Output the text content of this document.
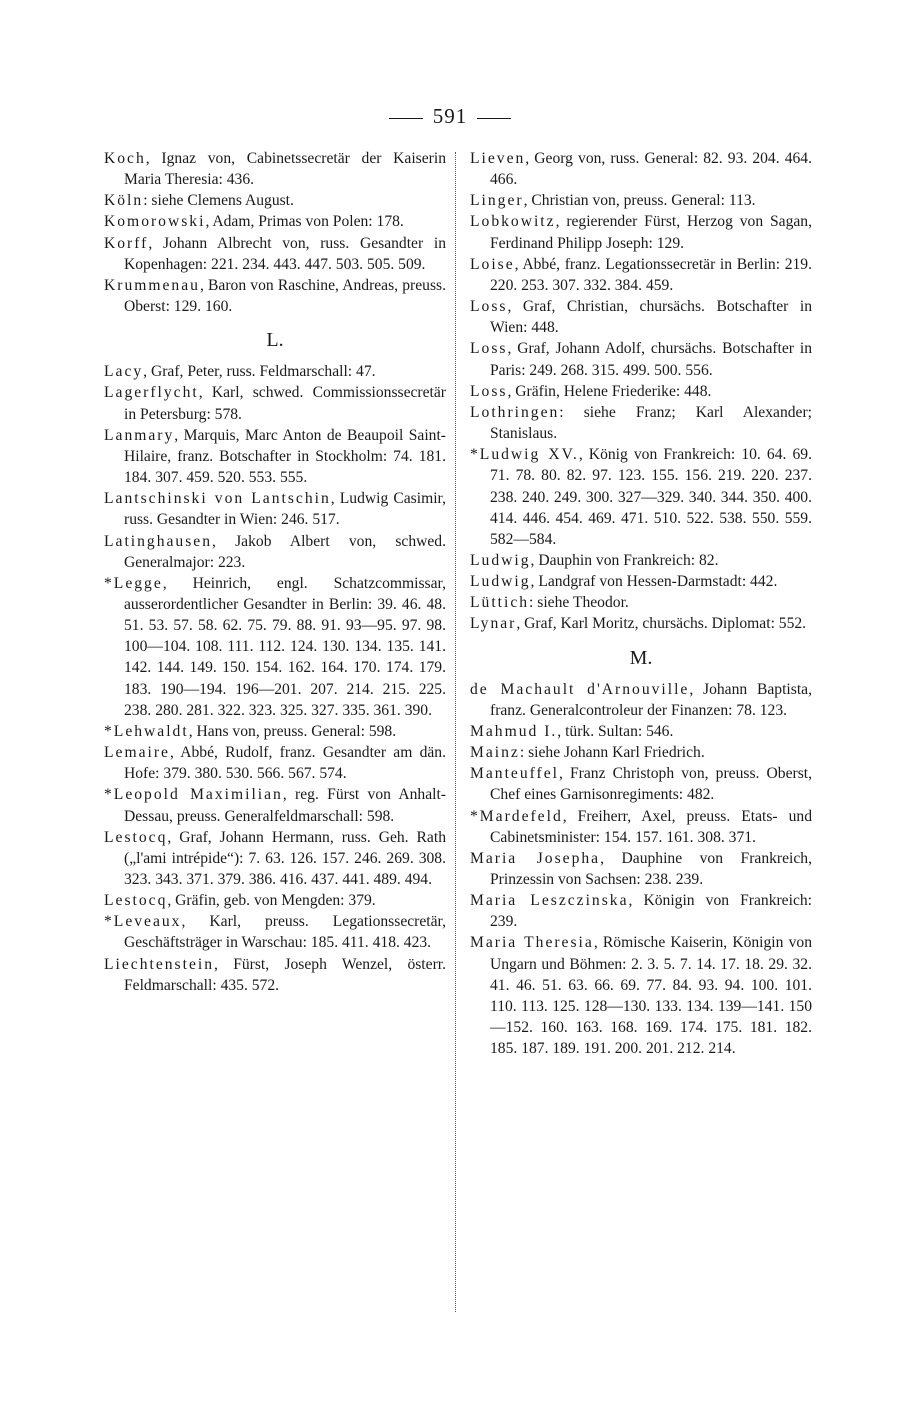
591

Koch, Ignaz von, Cabinetssecretär der Kaiserin Maria Theresia: 436.

Köln: siehe Clemens August.

Komorowski, Adam, Primas von Polen: 178.

Korff, Johann Albrecht von, russ. Gesandter in Kopenhagen: 221. 234. 443. 447. 503. 505. 509.

Krummenau, Baron von Raschine, Andreas, preuss. Oberst: 129. 160.

L.

Lacy, Graf, Peter, russ. Feldmarschall: 47.

Lagerflycht, Karl, schwed. Commissionssecretär in Petersburg: 578.

Lanmary, Marquis, Marc Anton de Beaupoil Saint-Hilaire, franz. Botschafter in Stockholm: 74. 181. 184. 307. 459. 520. 553. 555.

Lantschinski von Lantschin, Ludwig Casimir, russ. Gesandter in Wien: 246. 517.

Latinghausen, Jakob Albert von, schwed. Generalmajor: 223.

*Legge, Heinrich, engl. Schatzcommissar, ausserordentlicher Gesandter in Berlin: 39. 46. 48. 51. 53. 57. 58. 62. 75. 79. 88. 91. 93—95. 97. 98. 100—104. 108. 111. 112. 124. 130. 134. 135. 141. 142. 144. 149. 150. 154. 162. 164. 170. 174. 179. 183. 190—194. 196—201. 207. 214. 215. 225. 238. 280. 281. 322. 323. 325. 327. 335. 361. 390.

*Lehwaldt, Hans von, preuss. General: 598.

Lemaire, Abbé, Rudolf, franz. Gesandter am dän. Hofe: 379. 380. 530. 566. 567. 574.

*Leopold Maximilian, reg. Fürst von Anhalt-Dessau, preuss. Generalfeldmarschall: 598.

Lestocq, Graf, Johann Hermann, russ. Geh. Rath („l'ami intrépide“): 7. 63. 126. 157. 246. 269. 308. 323. 343. 371. 379. 386. 416. 437. 441. 489. 494.

Lestocq, Gräfin, geb. von Mengden: 379.

*Leveaux, Karl, preuss. Legationssecretär, Geschäftsträger in Warschau: 185. 411. 418. 423.

Liechtenstein, Fürst, Joseph Wenzel, österr. Feldmarschall: 435. 572.

Lieven, Georg von, russ. General: 82. 93. 204. 464. 466.

Linger, Christian von, preuss. General: 113.

Lobkowitz, regierender Fürst, Herzog von Sagan, Ferdinand Philipp Joseph: 129.

Loise, Abbé, franz. Legationssecretär in Berlin: 219. 220. 253. 307. 332. 384. 459.

Loss, Graf, Christian, chursächs. Botschafter in Wien: 448.

Loss, Graf, Johann Adolf, chursächs. Botschafter in Paris: 249. 268. 315. 499. 500. 556.

Loss, Gräfin, Helene Friederike: 448.

Lothringen: siehe Franz; Karl Alexander; Stanislaus.

*Ludwig XV., König von Frankreich: 10. 64. 69. 71. 78. 80. 82. 97. 123. 155. 156. 219. 220. 237. 238. 240. 249. 300. 327—329. 340. 344. 350. 400. 414. 446. 454. 469. 471. 510. 522. 538. 550. 559. 582—584.

Ludwig, Dauphin von Frankreich: 82.

Ludwig, Landgraf von Hessen-Darmstadt: 442.

Lüttich: siehe Theodor.

Lynar, Graf, Karl Moritz, chursächs. Diplomat: 552.

M.

de Machault d'Arnouville, Johann Baptista, franz. Generalcontroleur der Finanzen: 78. 123.

Mahmud I., türk. Sultan: 546.

Mainz: siehe Johann Karl Friedrich.

Manteuffel, Franz Christoph von, preuss. Oberst, Chef eines Garnisonregiments: 482.

*Mardefeld, Freiherr, Axel, preuss. Etats- und Cabinetsminister: 154. 157. 161. 308. 371.

Maria Josepha, Dauphine von Frankreich, Prinzessin von Sachsen: 238. 239.

Maria Leszczinska, Königin von Frankreich: 239.

Maria Theresia, Römische Kaiserin, Königin von Ungarn und Böhmen: 2. 3. 5. 7. 14. 17. 18. 29. 32. 41. 46. 51. 63. 66. 69. 77. 84. 93. 94. 100. 101. 110. 113. 125. 128—130. 133. 134. 139—141. 150—152. 160. 163. 168. 169. 174. 175. 181. 182. 185. 187. 189. 191. 200. 201. 212. 214.
